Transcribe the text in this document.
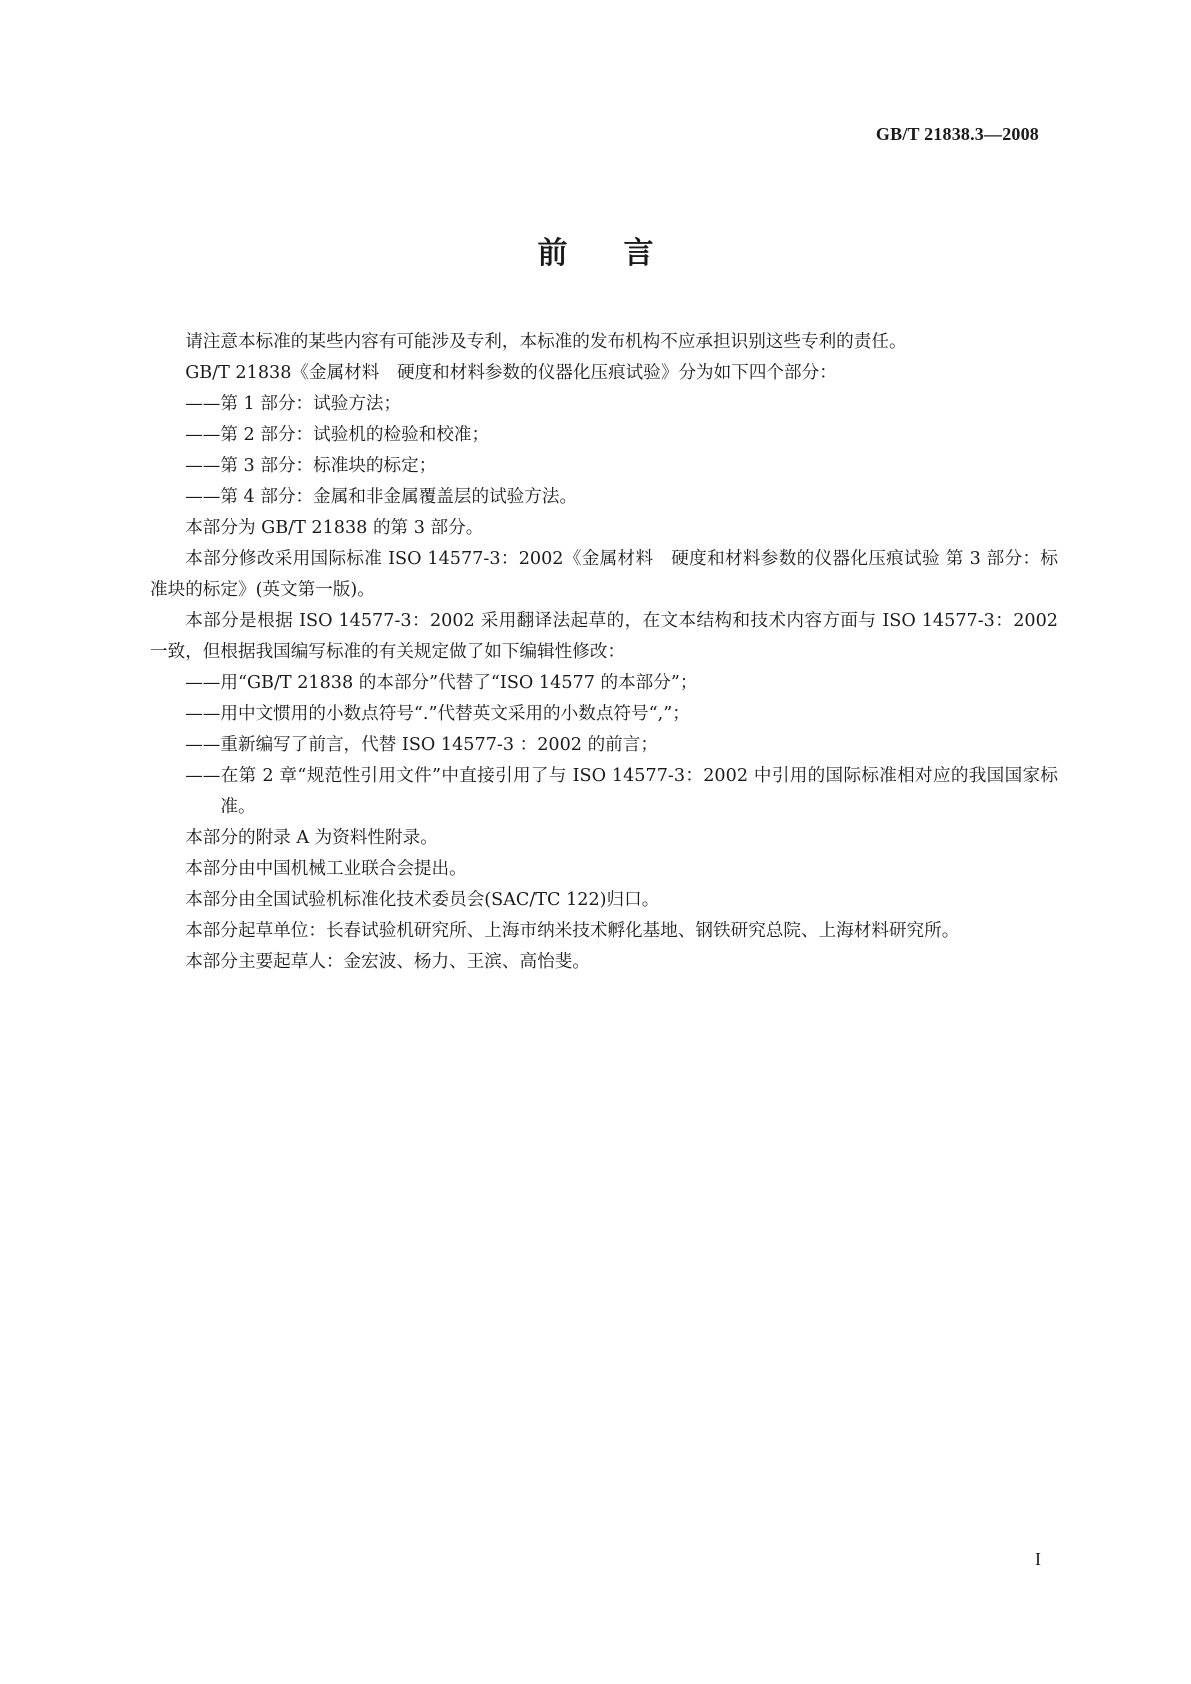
GB/T 21838.3—2008
前言

请注意本标准的某些内容有可能涉及专利，本标准的发布机构不应承担识别这些专利的责任。

GB/T 21838《金属材料　硬度和材料参数的仪器化压痕试验》分为如下四个部分：

——第 1 部分：试验方法；

——第 2 部分：试验机的检验和校准；

——第 3 部分：标准块的标定；

——第 4 部分：金属和非金属覆盖层的试验方法。

本部分为 GB/T 21838 的第 3 部分。

本部分修改采用国际标准 ISO 14577-3：2002《金属材料　硬度和材料参数的仪器化压痕试验 第 3 部分：标准块的标定》(英文第一版)。

本部分是根据 ISO 14577-3：2002 采用翻译法起草的，在文本结构和技术内容方面与 ISO 14577-3：2002 一致，但根据我国编写标准的有关规定做了如下编辑性修改：

——用“GB/T 21838 的本部分”代替了“ISO 14577 的本部分”；

——用中文惯用的小数点符号“.”代替英文采用的小数点符号“,”；

——重新编写了前言，代替 ISO 14577-3 ：2002 的前言；

——在第 2 章“规范性引用文件”中直接引用了与 ISO 14577-3：2002 中引用的国际标准相对应的我国国家标准。

本部分的附录 A 为资料性附录。

本部分由中国机械工业联合会提出。

本部分由全国试验机标准化技术委员会(SAC/TC 122)归口。

本部分起草单位：长春试验机研究所、上海市纳米技术孵化基地、钢铁研究总院、上海材料研究所。

本部分主要起草人：金宏波、杨力、王滨、高怡斐。

I
